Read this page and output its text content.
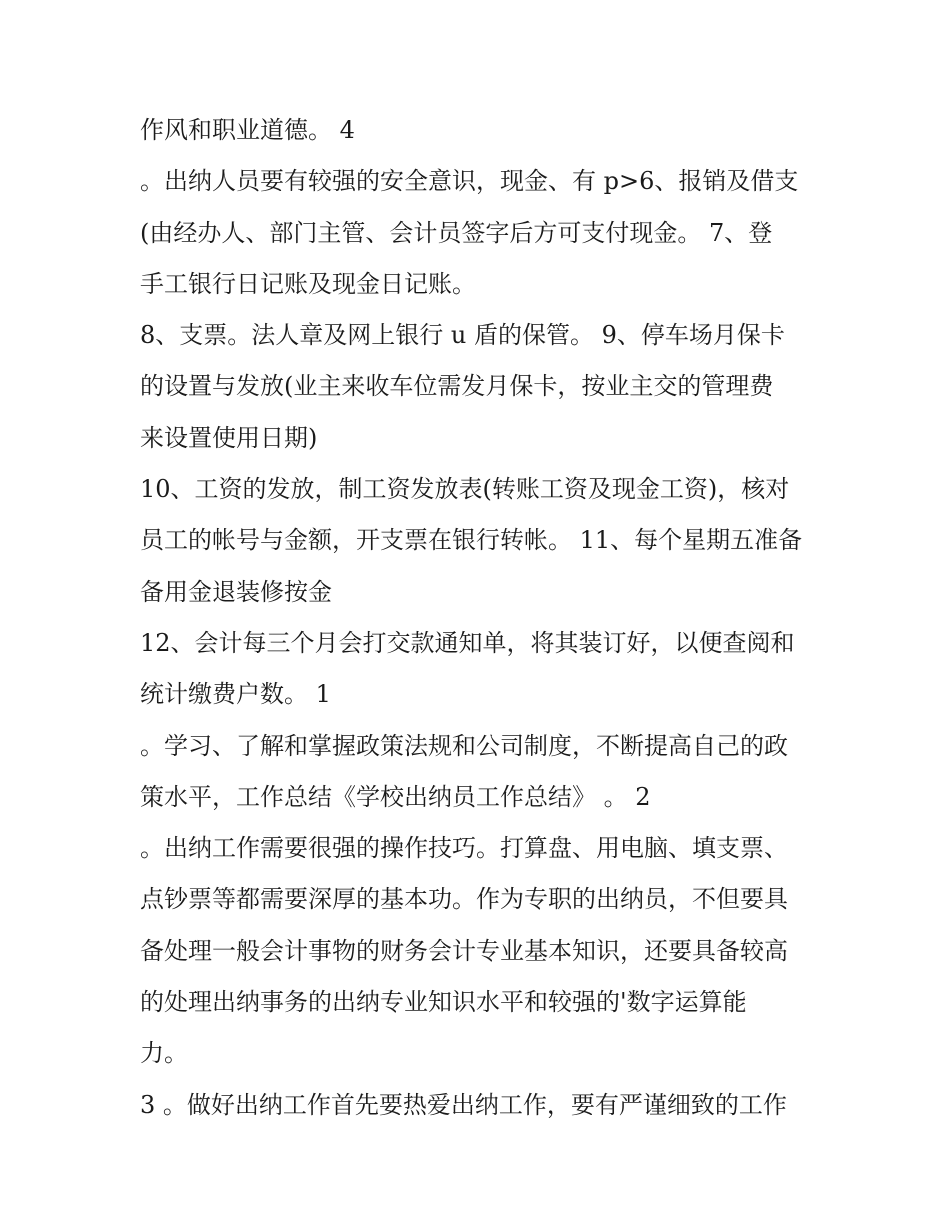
作风和职业道德。 4
。出纳人员要有较强的安全意识，现金、有 p>6、报销及借支
(由经办人、部门主管、会计员签字后方可支付现金。 7、登
手工银行日记账及现金日记账。
8、支票。法人章及网上银行 u 盾的保管。 9、停车场月保卡
的设置与发放(业主来收车位需发月保卡，按业主交的管理费
来设置使用日期)
10、工资的发放，制工资发放表(转账工资及现金工资)，核对
员工的帐号与金额，开支票在银行转帐。 11、每个星期五准备
备用金退装修按金
12、会计每三个月会打交款通知单，将其装订好，以便查阅和
统计缴费户数。 1
。学习、了解和掌握政策法规和公司制度，不断提高自己的政
策水平，工作总结《学校出纳员工作总结》 。 2
。出纳工作需要很强的操作技巧。打算盘、用电脑、填支票、
点钞票等都需要深厚的基本功。作为专职的出纳员，不但要具
备处理一般会计事物的财务会计专业基本知识，还要具备较高
的处理出纳事务的出纳专业知识水平和较强的'数字运算能
力。
3 。做好出纳工作首先要热爱出纳工作，要有严谨细致的工作
